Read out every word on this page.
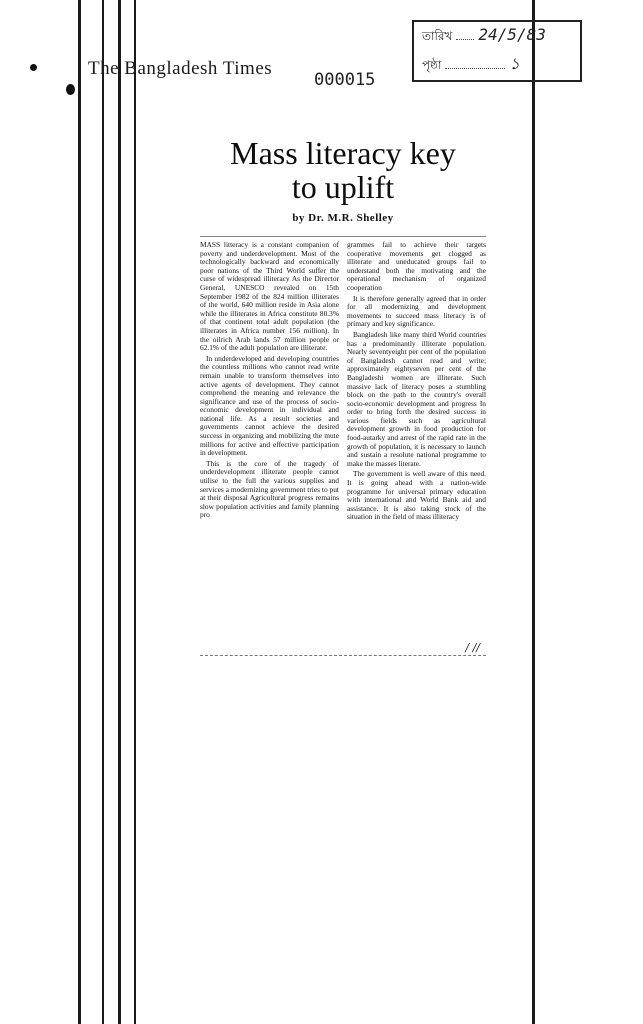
The Bangladesh Times
000015
তারিখ 24/5/83
পৃষ্ঠা	১
Mass literacy key
to uplift
by Dr. M.R. Shelley

MASS litteracy is a constant companion of poverty and underdevelopment. Most of the technologically backward and economically poor nations of the Third World suffer the curse of widespread illiteracy As the Director General, UNESCO revealed on 15th September 1982 of the 824 million illiterates of the world, 640 million reside in Asia alone while the illiterates in Africa constitute 80.3% of that continent total adult population (the illiterates in Africa number 156 million). In the oilrich Arab lands 57 million people or 62.1% of the adult population are illiterate.

In underdeveloped and developing countries the countless millions who cannot read write remain unable to transform themselves into active agents of development. They cannot comprehend the meaning and relevance the significance and use of the process of socio-economic development in individual and national life. As a result societies and governments cannot achieve the desired success in organizing and mobilizing the mute millions for active and effective participation in development.

This is the core of the tragedy of underdevelopment illiterate people cannot utilise to the full the various supplies and services a modernizing government tries to put at their disposal Agricultural progress remains slow population activities and family planning pro

grammes fail to achieve their targets cooperative movements get clogged as illiterate and uneducated groups fail to understand both the motivating and the operational mechanism of organized cooperation

It is therefore generally agreed that in order for all modernizing and development movements to succeed mass literacy is of primary and key significance.

Bangladesh like many third World countries has a predominantly illiterate population. Nearly seventyeight per cent of the population of Bangladesh cannot read and write; approximately eightyseven per cent of the Bangladeshi women are illiterate. Such massive lack of literacy poses a stumbling block on the path to the country's overall socio-economic development and progress In order to bring forth the desired success in various fields such as agricultural development growth in food production for food-autarky and arrest of the rapid rate in the growth of population, it is necessary to launch and sustain a resolute national programme to make the masses literate.

The government is well aware of this need. It is going ahead with a nation-wide programme for universal primary education with international and World Bank aid and assistance. It is also taking stock of the situation in the field of mass illiteracy

/ //
